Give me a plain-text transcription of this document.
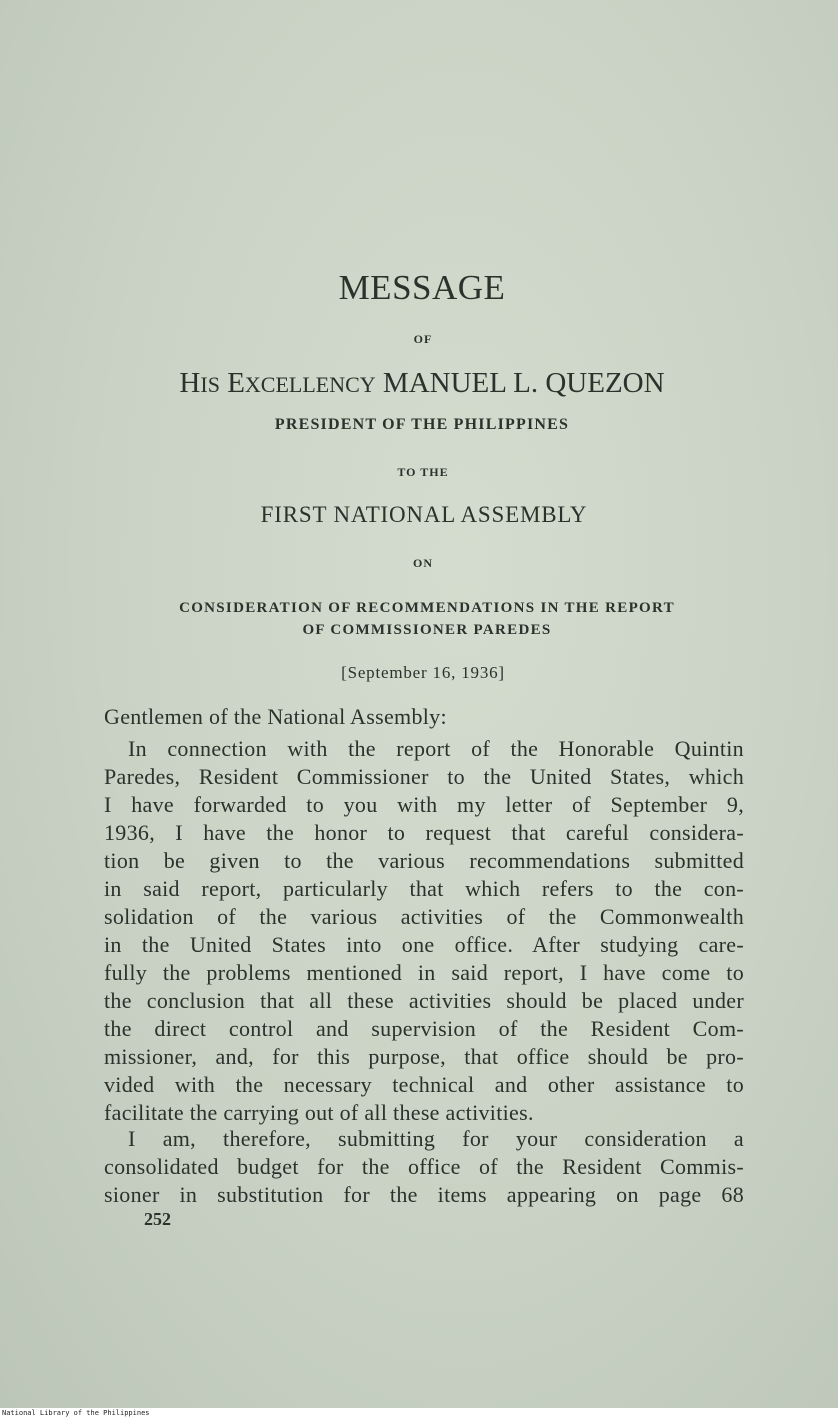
MESSAGE
OF
HIS EXCELLENCY MANUEL L. QUEZON
PRESIDENT OF THE PHILIPPINES
TO THE
FIRST NATIONAL ASSEMBLY
ON
CONSIDERATION OF RECOMMENDATIONS IN THE REPORT
OF COMMISSIONER PAREDES
[September 16, 1936]
Gentlemen of the National Assembly:
In connection with the report of the Honorable Quintin
Paredes, Resident Commissioner to the United States, which
I have forwarded to you with my letter of September 9,
1936, I have the honor to request that careful considera-
tion be given to the various recommendations submitted
in said report, particularly that which refers to the con-
solidation of the various activities of the Commonwealth
in the United States into one office. After studying care-
fully the problems mentioned in said report, I have come to
the conclusion that all these activities should be placed under
the direct control and supervision of the Resident Com-
missioner, and, for this purpose, that office should be pro-
vided with the necessary technical and other assistance to
facilitate the carrying out of all these activities.
I am, therefore, submitting for your consideration a
consolidated budget for the office of the Resident Commis-
sioner in substitution for the items appearing on page 68
252
National Library of the Philippines
